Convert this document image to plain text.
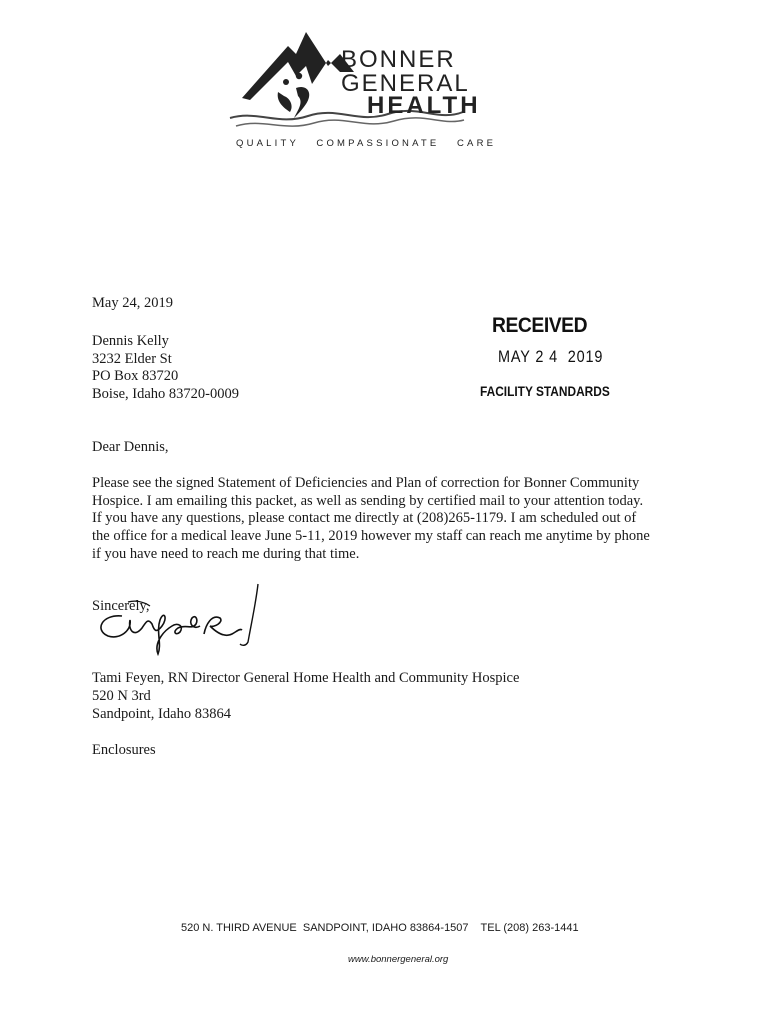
BONNER
GENERAL
HEALTH
QUALITY   COMPASSIONATE   CARE
May 24, 2019
Dennis Kelly
3232 Elder St
PO Box 83720
Boise, Idaho 83720-0009
RECEIVED
MAY 2 4  2019
FACILITY STANDARDS
Dear Dennis,
Please see the signed Statement of Deficiencies and Plan of correction for Bonner Community
Hospice. I am emailing this packet, as well as sending by certified mail to your attention today.
If you have any questions, please contact me directly at (208)265-1179. I am scheduled out of
the office for a medical leave June 5-11, 2019 however my staff can reach me anytime by phone
if you have need to reach me during that time.
Sincerely,
Tami Feyen, RN Director General Home Health and Community Hospice
520 N 3rd
Sandpoint, Idaho 83864
Enclosures
520 N. THIRD AVENUE  SANDPOINT, IDAHO 83864-1507    TEL (208) 263-1441
www.bonnergeneral.org
